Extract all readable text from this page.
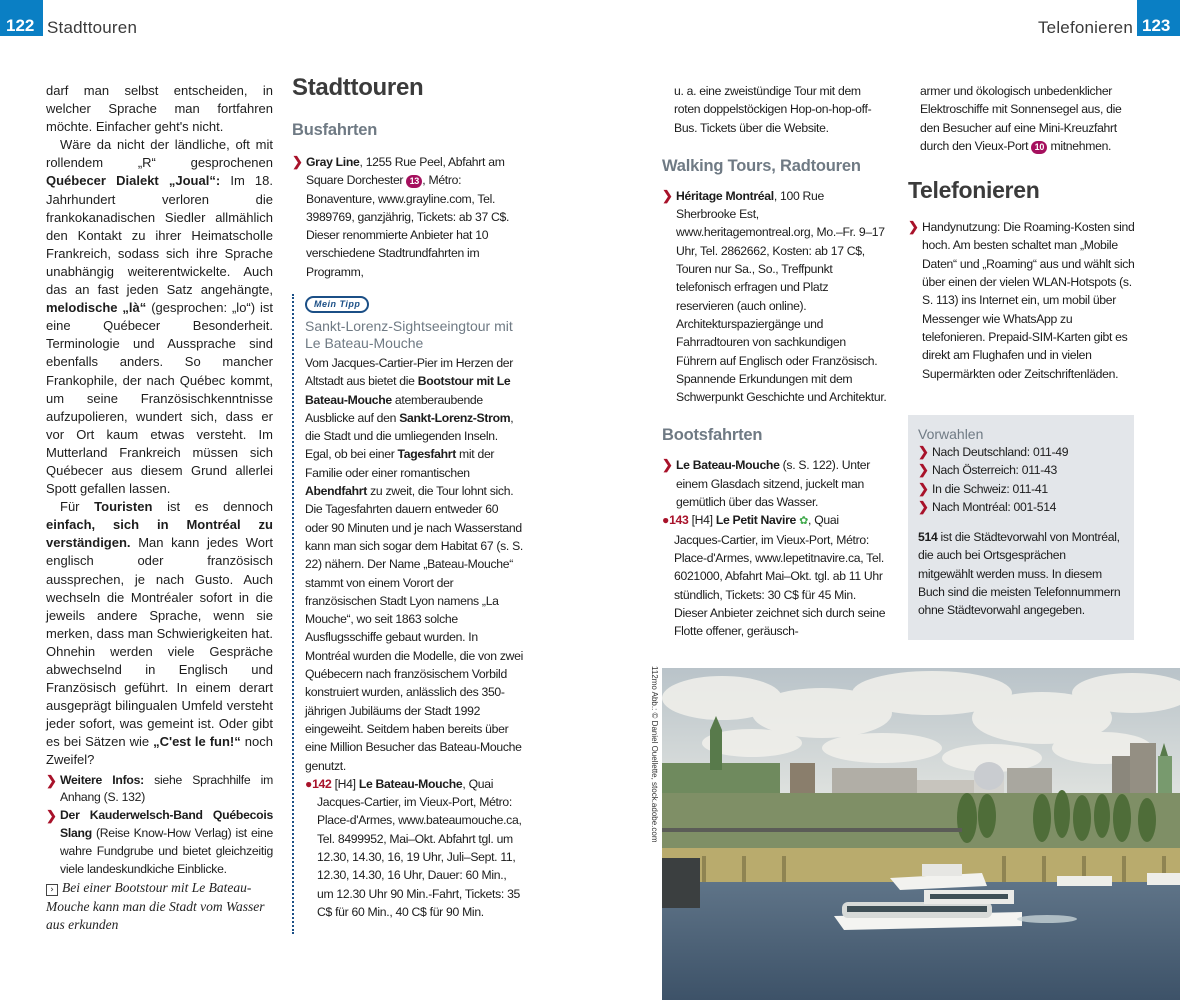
122 Stadttouren	Telefonieren 123

darf man selbst entscheiden, in welcher Sprache man fortfahren möchte. Einfacher geht's nicht.

Wäre da nicht der ländliche, oft mit rollendem „R“ gesprochenen Québecer Dialekt „Joual“: Im 18. Jahrhundert verloren die frankokanadischen Siedler allmählich den Kontakt zu ihrer Heimatscholle Frankreich, sodass sich ihre Sprache unabhängig weiterentwickelte. Auch das an fast jeden Satz angehängte, melodische „là“ (gesprochen: „lo“) ist eine Québecer Besonderheit. Terminologie und Aussprache sind ebenfalls anders. So mancher Frankophile, der nach Québec kommt, um seine Französischkenntnisse aufzupolieren, wundert sich, dass er vor Ort kaum etwas versteht. Im Mutterland Frankreich müssen sich Québecer aus diesem Grund allerlei Spott gefallen lassen.

Für Touristen ist es dennoch einfach, sich in Montréal zu verständigen. Man kann jedes Wort englisch oder französisch aussprechen, je nach Gusto. Auch wechseln die Montréaler sofort in die jeweils andere Sprache, wenn sie merken, dass man Schwierigkeiten hat. Ohnehin werden viele Gespräche abwechselnd in Englisch und Französisch geführt. In einem derart ausgeprägt bilingualen Umfeld versteht jeder sofort, was gemeint ist. Oder gibt es bei Sätzen wie „C'est le fun!“ noch Zweifel?

❯ Weitere Infos: siehe Sprachhilfe im Anhang (S. 132)
❯ Der Kauderwelsch-Band Québecois Slang (Reise Know-How Verlag) ist eine wahre Fundgrube und bietet gleichzeitig viele landeskundkiche Einblicke.
› Bei einer Bootstour mit Le Bateau-Mouche kann man die Stadt vom Wasser aus erkunden
Stadttouren
Busfahrten
❯ Gray Line, 1255 Rue Peel, Abfahrt am Square Dorchester 13 , Métro: Bonaventure, www.grayline.com, Tel. 3989769, ganzjährig, Tickets: ab 37 C$. Dieser renommierte Anbieter hat 10 verschiedene Stadtrundfahrten im Programm,
Mein Tipp
Sankt-Lorenz-Sightseeingtour mit Le Bateau-Mouche
Vom Jacques-Cartier-Pier im Herzen der Altstadt aus bietet die Bootstour mit Le Bateau-Mouche atemberaubende Ausblicke auf den Sankt-Lorenz-Strom, die Stadt und die umliegenden Inseln. Egal, ob bei einer Tagesfahrt mit der Familie oder einer romantischen Abendfahrt zu zweit, die Tour lohnt sich. Die Tagesfahrten dauern entweder 60 oder 90 Minuten und je nach Wasserstand kann man sich sogar dem Habitat 67 (s. S. 22) nähern. Der Name „Bateau-Mouche“ stammt von einem Vorort der französischen Stadt Lyon namens „La Mouche“, wo seit 1863 solche Ausflugsschiffe gebaut wurden. In Montréal wurden die Modelle, die von zwei Québecern nach französischem Vorbild konstruiert wurden, anlässlich des 350-jährigen Jubiläums der Stadt 1992 eingeweiht. Seitdem haben bereits über eine Million Besucher das Bateau-Mouche genutzt.
●142 [H4] Le Bateau-Mouche, Quai Jacques-Cartier, im Vieux-Port, Métro: Place-d'Armes, www.bateaumouche.ca, Tel. 8499952, Mai–Okt. Abfahrt tgl. um 12.30, 14.30, 16, 19 Uhr, Juli–Sept. 11, 12.30, 14.30, 16 Uhr, Dauer: 60 Min., um 12.30 Uhr 90 Min.-Fahrt, Tickets: 35 C$ für 60 Min., 40 C$ für 90 Min.
u. a. eine zweistündige Tour mit dem roten doppelstöckigen Hop-on-hop-off-Bus. Tickets über die Website.
Walking Tours, Radtouren
❯ Héritage Montréal, 100 Rue Sherbrooke Est, www.heritagemontreal.org, Mo.–Fr. 9–17 Uhr, Tel. 2862662, Kosten: ab 17 C$, Touren nur Sa., So., Treffpunkt telefonisch erfragen und Platz reservieren (auch online). Architekturspaziergänge und Fahrradtouren von sachkundigen Führern auf Englisch oder Französisch. Spannende Erkundungen mit dem Schwerpunkt Geschichte und Architektur.
Bootsfahrten
❯ Le Bateau-Mouche (s. S. 122). Unter einem Glasdach sitzend, juckelt man gemütlich über das Wasser.
●143 [H4] Le Petit Navire ✿, Quai Jacques-Cartier, im Vieux-Port, Métro: Place-d'Armes, www.lepetitnavire.ca, Tel. 6021000, Abfahrt Mai–Okt. tgl. ab 11 Uhr stündlich, Tickets: 30 C$ für 45 Min. Dieser Anbieter zeichnet sich durch seine Flotte offener, geräusch-
armer und ökologisch unbedenklicher Elektroschiffe mit Sonnensegel aus, die den Besucher auf eine Mini-Kreuzfahrt durch den Vieux-Port 10 mitnehmen.
Telefonieren
❯ Handynutzung: Die Roaming-Kosten sind hoch. Am besten schaltet man „Mobile Daten“ und „Roaming“ aus und wählt sich über einen der vielen WLAN-Hotspots (s. S. 113) ins Internet ein, um mobil über Messenger wie WhatsApp zu telefonieren. Prepaid-SIM-Karten gibt es direkt am Flughafen und in vielen Supermärkten oder Zeitschriftenläden.
Vorwahlen
❯ Nach Deutschland: 011-49
❯ Nach Österreich: 011-43
❯ In die Schweiz: 011-41
❯ Nach Montréal: 001-514
514 ist die Städtevorwahl von Montréal, die auch bei Ortsgesprächen mitgewählt werden muss. In diesem Buch sind die meisten Telefonnummern ohne Städtevorwahl angegeben.
112mo Abb.: © Daniel Ouellette, stock.adobe.com
